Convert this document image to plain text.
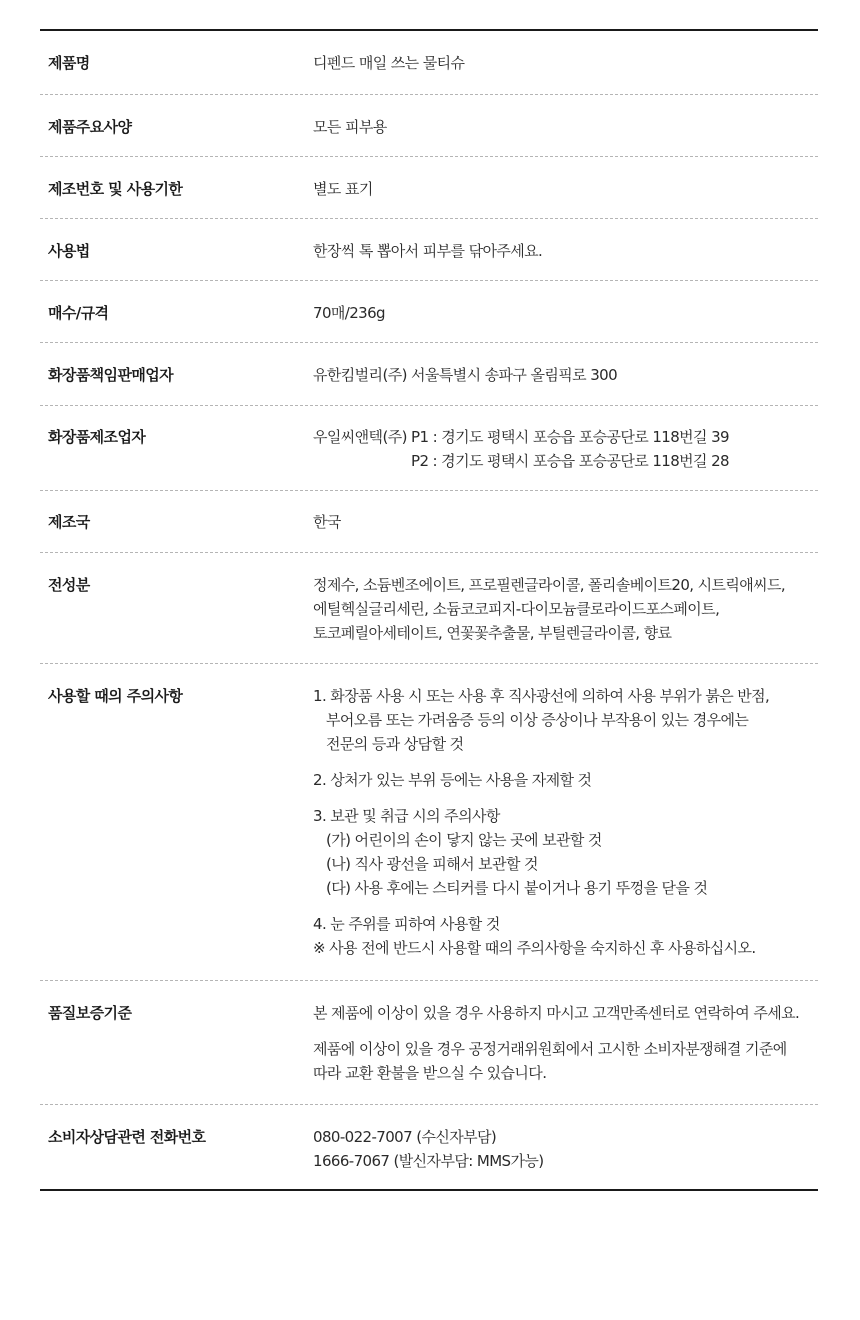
제품명	디펜드 매일 쓰는 물티슈
제품주요사양	모든 피부용
제조번호 및 사용기한	별도 표기
사용법	한장씩 톡 뽑아서 피부를 닦아주세요.
매수/규격	70매/236g
화장품책임판매업자	유한킴벌리(주) 서울특별시 송파구 올림픽로 300
화장품제조업자	우일씨앤텍(주) P1 : 경기도 평택시 포승읍 포승공단로 118번길 39
P2 : 경기도 평택시 포승읍 포승공단로 118번길 28
제조국	한국
전성분	정제수, 소듐벤조에이트, 프로필렌글라이콜, 폴리솔베이트20, 시트릭애씨드,
에틸헥실글리세린, 소듐코코피지-다이모늄클로라이드포스페이트,
토코페릴아세테이트, 연꽃꽃추출물, 부틸렌글라이콜, 향료
사용할 때의 주의사항	1. 화장품 사용 시 또는 사용 후 직사광선에 의하여 사용 부위가 붉은 반점,
부어오름 또는 가려움증 등의 이상 증상이나 부작용이 있는 경우에는
전문의 등과 상담할 것
2. 상처가 있는 부위 등에는 사용을 자제할 것
3. 보관 및 취급 시의 주의사항
(가) 어린이의 손이 닿지 않는 곳에 보관할 것
(나) 직사 광선을 피해서 보관할 것
(다) 사용 후에는 스티커를 다시 붙이거나 용기 뚜껑을 닫을 것
4. 눈 주위를 피하여 사용할 것
※ 사용 전에 반드시 사용할 때의 주의사항을 숙지하신 후 사용하십시오.
품질보증기준	본 제품에 이상이 있을 경우 사용하지 마시고 고객만족센터로 연락하여 주세요.
제품에 이상이 있을 경우 공정거래위원회에서 고시한 소비자분쟁해결 기준에
따라 교환 환불을 받으실 수 있습니다.
소비자상담관련 전화번호	080-022-7007 (수신자부담)
1666-7067 (발신자부담: MMS가능)
